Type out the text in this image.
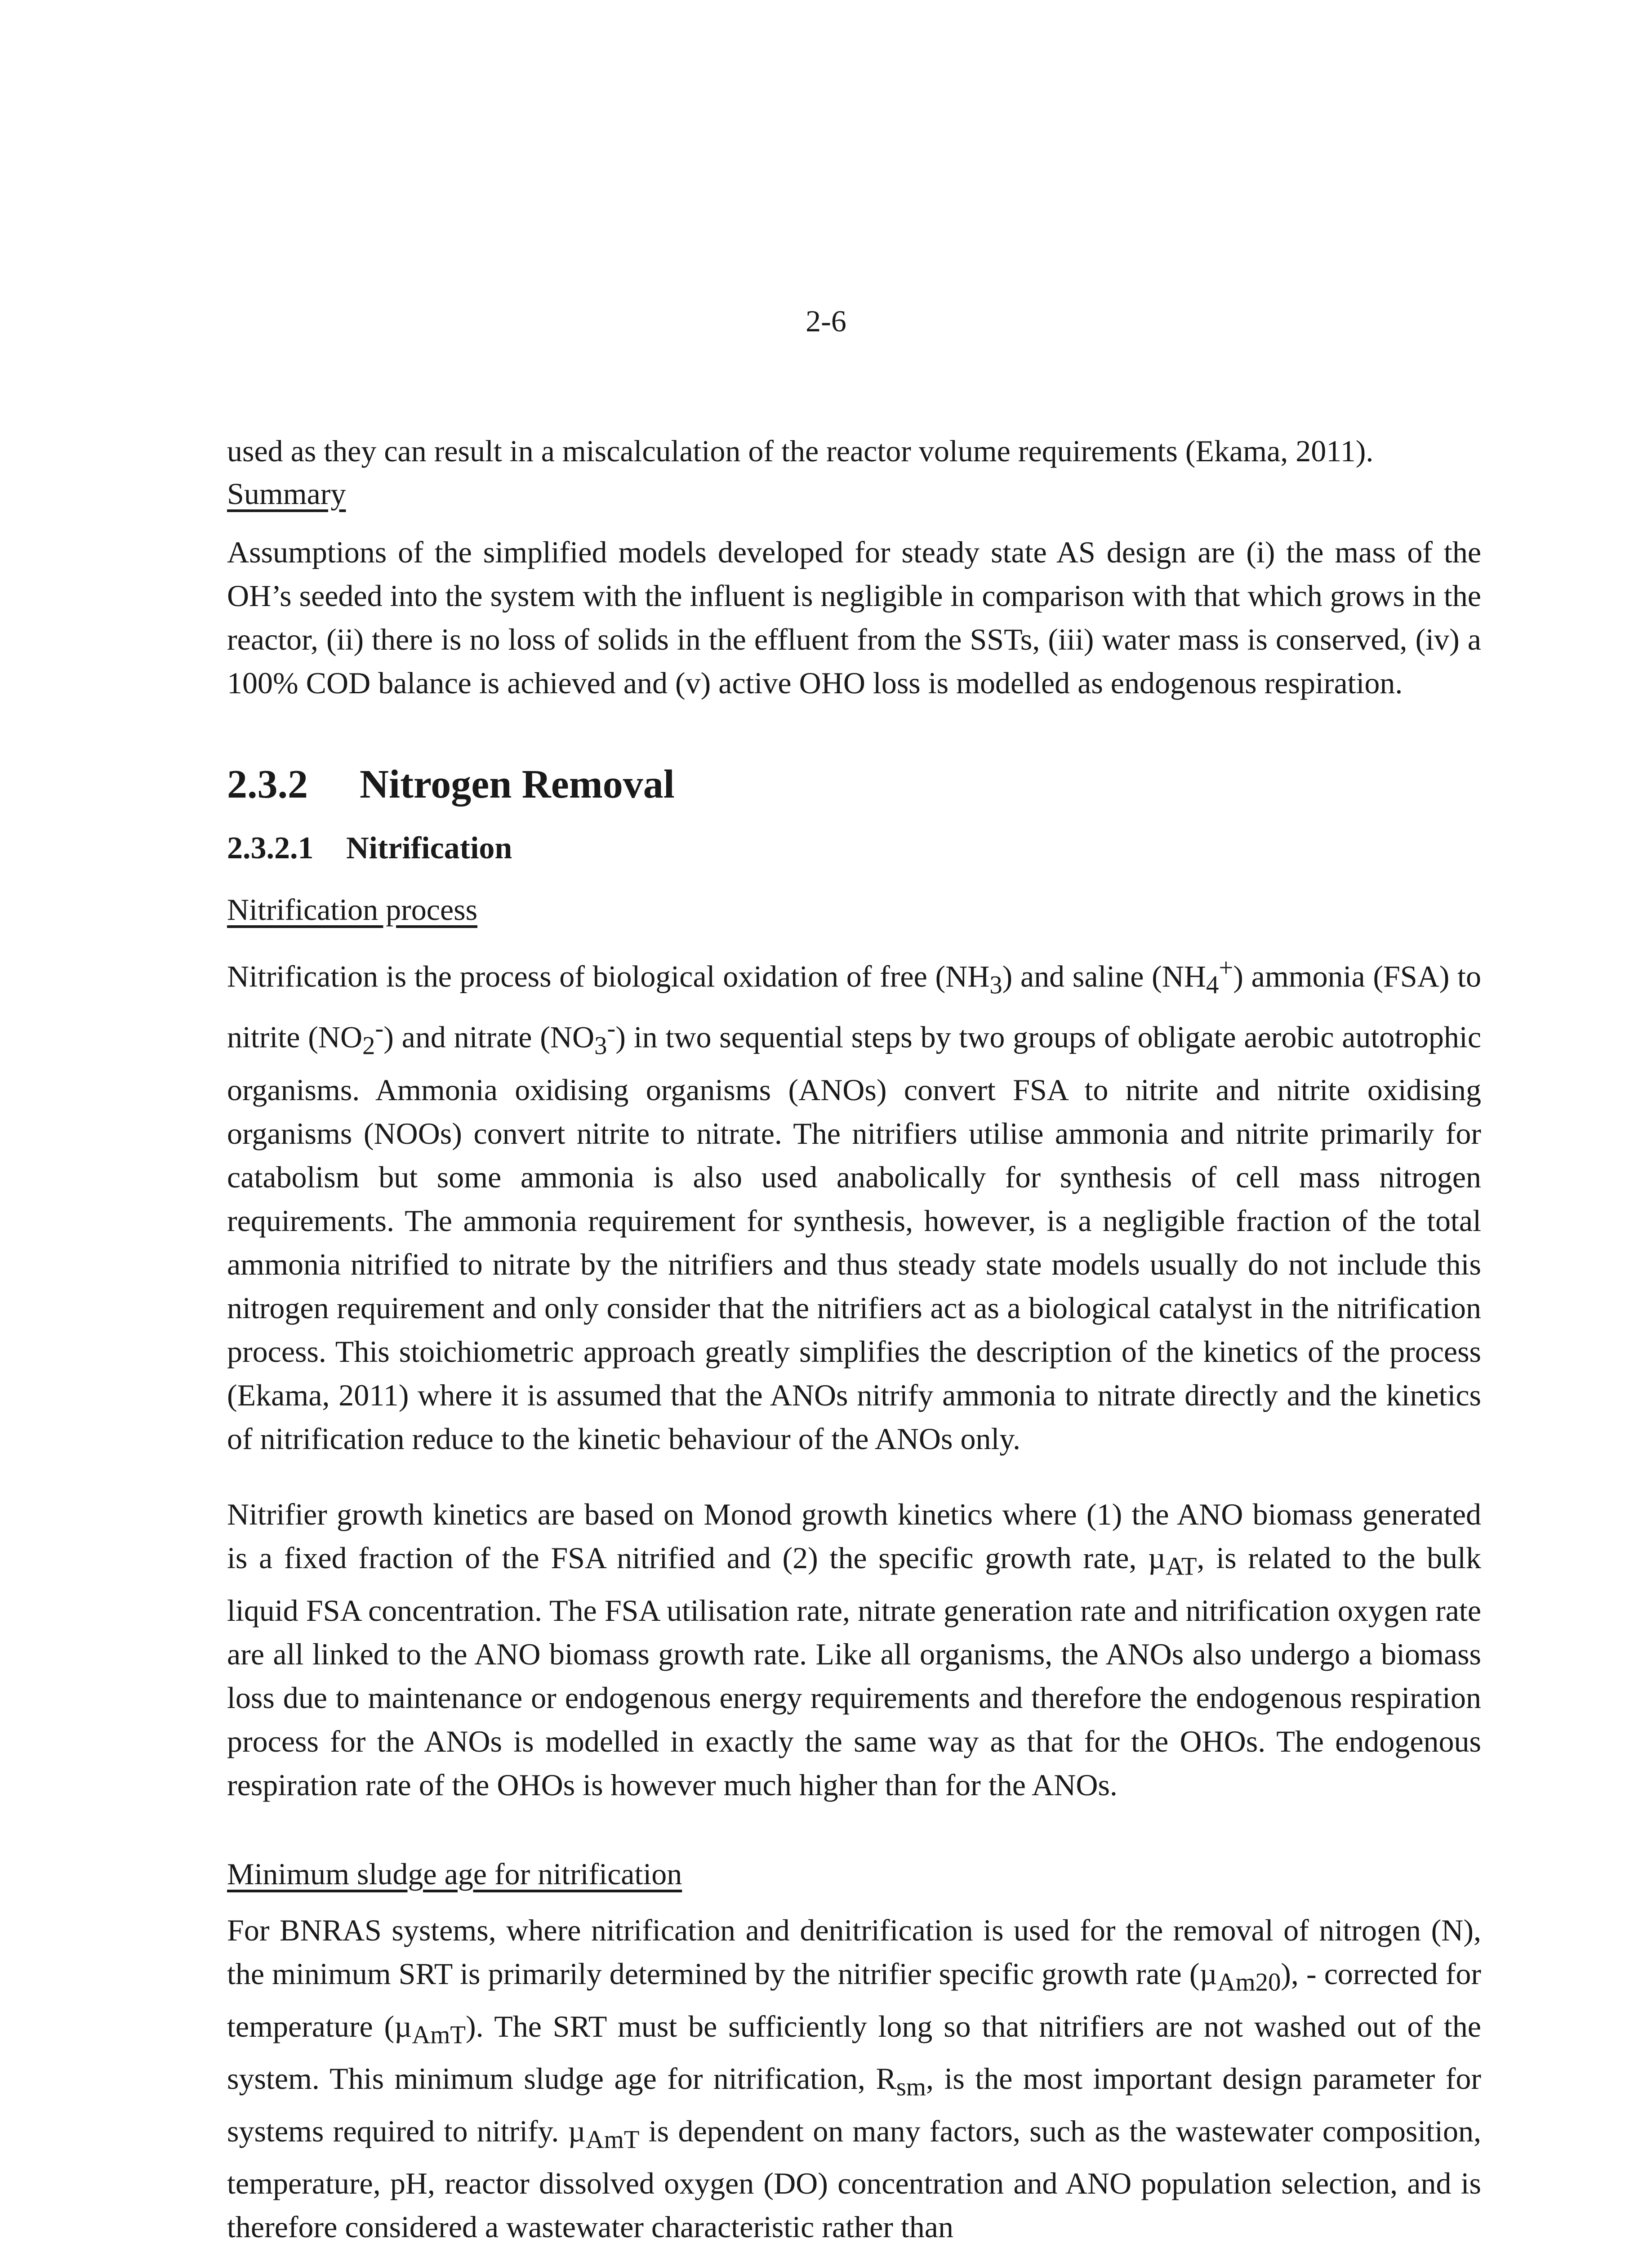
2-6

used as they can result in a miscalculation of the reactor volume requirements (Ekama, 2011).

Summary

Assumptions of the simplified models developed for steady state AS design are (i) the mass of the OH’s seeded into the system with the influent is negligible in comparison with that which grows in the reactor, (ii) there is no loss of solids in the effluent from the SSTs, (iii) water mass is conserved, (iv) a 100% COD balance is achieved and (v) active OHO loss is modelled as endogenous respiration.

2.3.2 Nitrogen Removal
2.3.2.1 Nitrification

Nitrification process

Nitrification is the process of biological oxidation of free $(NH_3)$ and saline $(NH_4^+)$ ammonia (FSA) to nitrite $(NO_2^-)$ and nitrate $(NO_3^-)$ in two sequential steps by two groups of obligate aerobic autotrophic organisms. Ammonia oxidising organisms (ANOs) convert FSA to nitrite and nitrite oxidising organisms (NOOs) convert nitrite to nitrate. The nitrifiers utilise ammonia and nitrite primarily for catabolism but some ammonia is also used anabolically for synthesis of cell mass nitrogen requirements. The ammonia requirement for synthesis, however, is a negligible fraction of the total ammonia nitrified to nitrate by the nitrifiers and thus steady state models usually do not include this nitrogen requirement and only consider that the nitrifiers act as a biological catalyst in the nitrification process. This stoichiometric approach greatly simplifies the description of the kinetics of the process (Ekama, 2011) where it is assumed that the ANOs nitrify ammonia to nitrate directly and the kinetics of nitrification reduce to the kinetic behaviour of the ANOs only.

Nitrifier growth kinetics are based on Monod growth kinetics where (1) the ANO biomass generated is a fixed fraction of the FSA nitrified and (2) the specific growth rate, µ$_{AT}$, is related to the bulk liquid FSA concentration. The FSA utilisation rate, nitrate generation rate and nitrification oxygen rate are all linked to the ANO biomass growth rate. Like all organisms, the ANOs also undergo a biomass loss due to maintenance or endogenous energy requirements and therefore the endogenous respiration process for the ANOs is modelled in exactly the same way as that for the OHOs. The endogenous respiration rate of the OHOs is however much higher than for the ANOs.

Minimum sludge age for nitrification

For BNRAS systems, where nitrification and denitrification is used for the removal of nitrogen (N), the minimum SRT is primarily determined by the nitrifier specific growth rate (µ$_{Am20}$), - corrected for temperature (µ$_{AmT}$). The SRT must be sufficiently long so that nitrifiers are not washed out of the system. This minimum sludge age for nitrification, $R_{sm}$, is the most important design parameter for systems required to nitrify. µ$_{AmT}$ is dependent on many factors, such as the wastewater composition, temperature, pH, reactor dissolved oxygen (DO) concentration and ANO population selection, and is therefore considered a wastewater characteristic rather than
